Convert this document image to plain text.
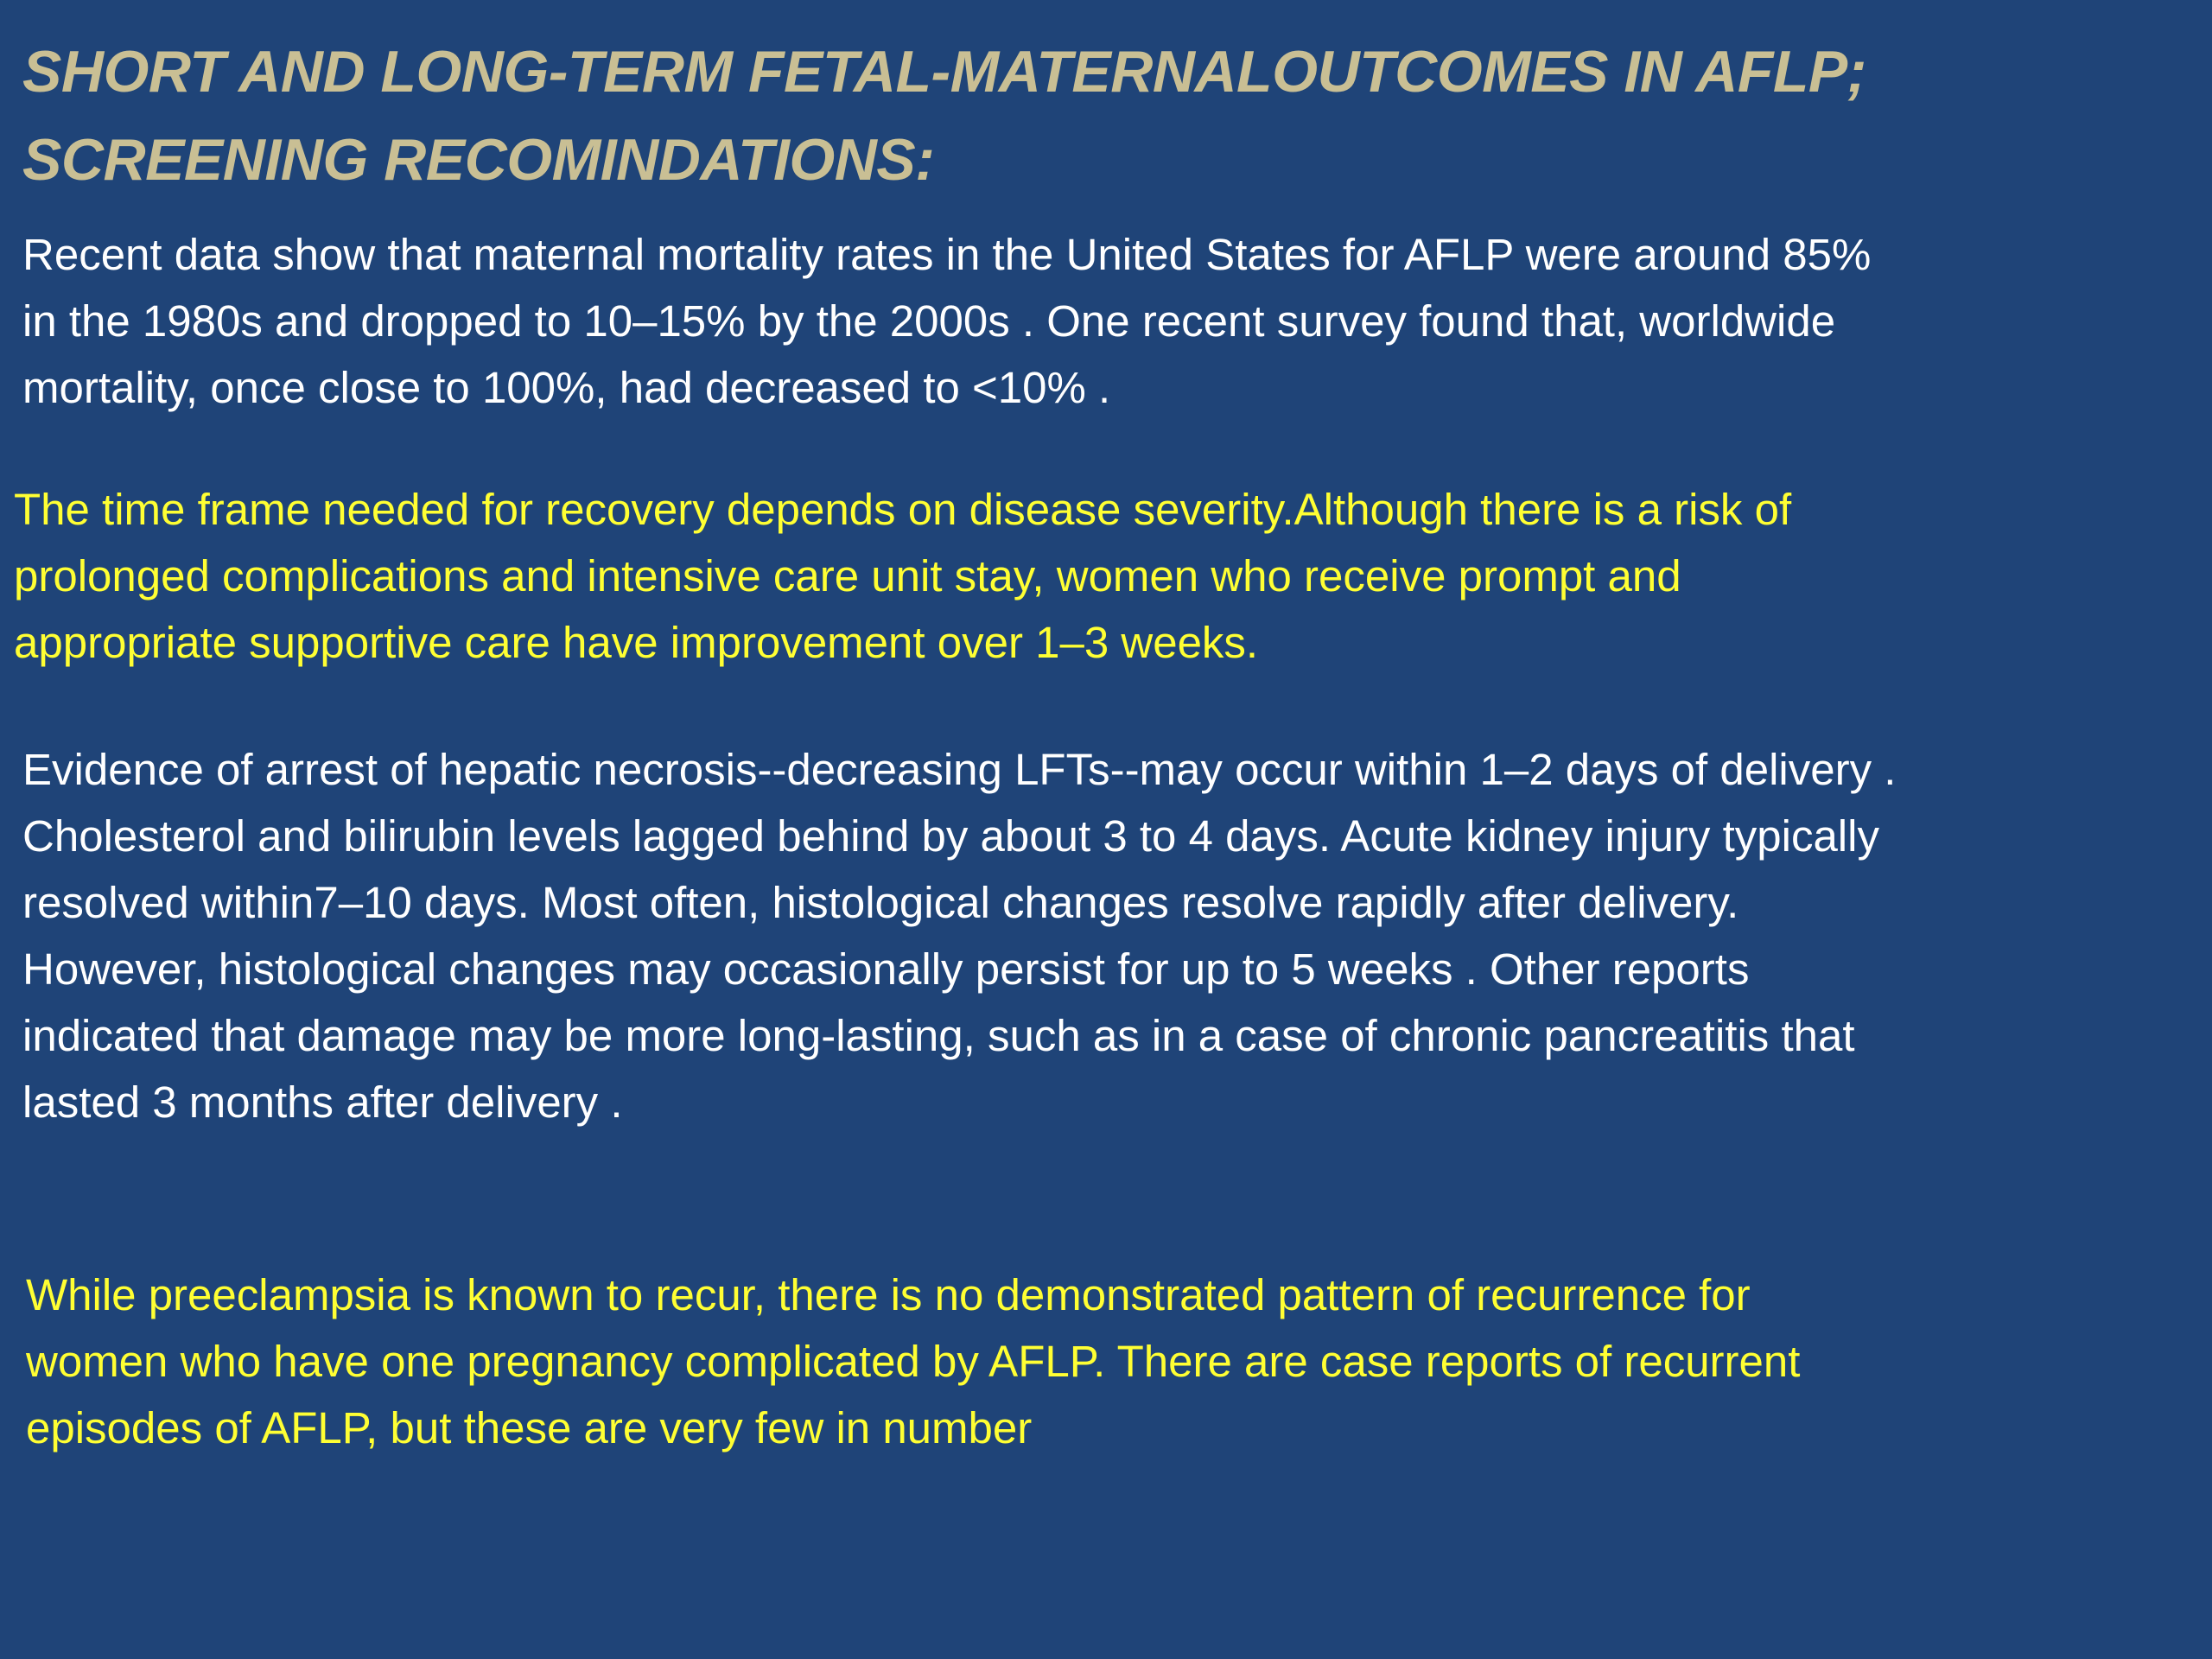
SHORT AND LONG-TERM FETAL-MATERNALOUTCOMES IN AFLP;
SCREENING RECOMINDATIONS:
Recent data show that maternal mortality rates in the United States for AFLP were around 85%
in the 1980s and dropped to 10–15% by the 2000s . One recent survey found that, worldwide
mortality, once close to 100%, had decreased to <10% .
The time frame needed for recovery depends on disease severity.Although there is a risk of
prolonged complications and intensive care unit stay, women who receive prompt and
appropriate supportive care have improvement over 1–3 weeks.
Evidence of arrest of hepatic necrosis--decreasing LFTs--may occur within 1–2 days of delivery .
Cholesterol and bilirubin levels lagged behind by about 3 to 4 days. Acute kidney injury typically
resolved within7–10 days. Most often, histological changes resolve rapidly after delivery.
However, histological changes may occasionally persist for up to 5 weeks . Other reports
indicated that damage may be more long-lasting, such as in a case of chronic pancreatitis that
lasted 3 months after delivery .
While preeclampsia is known to recur, there is no demonstrated pattern of recurrence for
women who have one pregnancy complicated by AFLP. There are case reports of recurrent
episodes of AFLP, but these are very few in number
